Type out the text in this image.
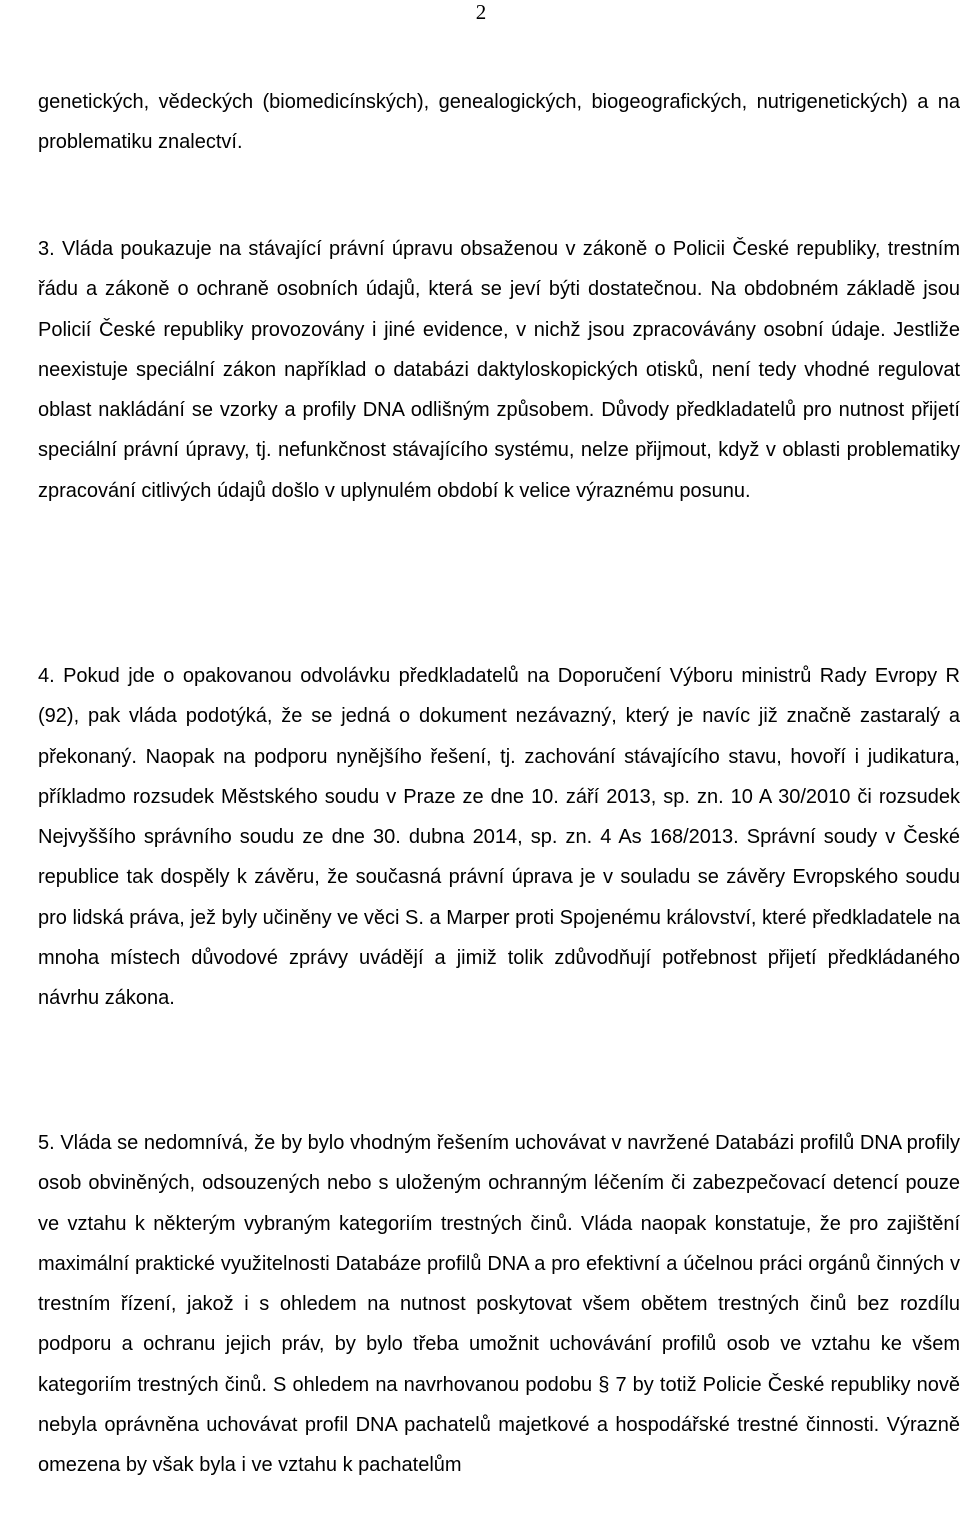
2

genetických, vědeckých (biomedicínských), genealogických, biogeografických, nutrigenetických) a na problematiku znalectví.

3. Vláda poukazuje na stávající právní úpravu obsaženou v zákoně o Policii České republiky, trestním řádu a zákoně o ochraně osobních údajů, která se jeví býti dostatečnou. Na obdobném základě jsou Policií České republiky provozovány i jiné evidence, v nichž jsou zpracovávány osobní údaje. Jestliže neexistuje speciální zákon například o databázi daktyloskopických otisků, není tedy vhodné regulovat oblast nakládání se vzorky a profily DNA odlišným způsobem. Důvody předkladatelů pro nutnost přijetí speciální právní úpravy, tj. nefunkčnost stávajícího systému, nelze přijmout, když v oblasti problematiky zpracování citlivých údajů došlo v uplynulém období k velice výraznému posunu.

4. Pokud jde o opakovanou odvolávku předkladatelů na Doporučení Výboru ministrů Rady Evropy R (92), pak vláda podotýká, že se jedná o dokument nezávazný, který je navíc již značně zastaralý a překonaný. Naopak na podporu nynějšího řešení, tj. zachování stávajícího stavu, hovoří i judikatura, příkladmo rozsudek Městského soudu v Praze ze dne 10. září 2013, sp. zn. 10 A 30/2010 či rozsudek Nejvyššího správního soudu ze dne 30. dubna 2014, sp. zn. 4 As 168/2013. Správní soudy v České republice tak dospěly k závěru, že současná právní úprava je v souladu se závěry Evropského soudu pro lidská práva, jež byly učiněny ve věci S. a Marper proti Spojenému království, které předkladatele na mnoha místech důvodové zprávy uvádějí a jimiž tolik zdůvodňují potřebnost přijetí předkládaného návrhu zákona.

5. Vláda se nedomnívá, že by bylo vhodným řešením uchovávat v navržené Databázi profilů DNA profily osob obviněných, odsouzených nebo s uloženým ochranným léčením či zabezpečovací detencí pouze ve vztahu k některým vybraným kategoriím trestných činů. Vláda naopak konstatuje, že pro zajištění maximální praktické využitelnosti Databáze profilů DNA a pro efektivní a účelnou práci orgánů činných v trestním řízení, jakož i s ohledem na nutnost poskytovat všem obětem trestných činů bez rozdílu podporu a ochranu jejich práv, by bylo třeba umožnit uchovávání profilů osob ve vztahu ke všem kategoriím trestných činů. S ohledem na navrhovanou podobu § 7 by totiž Policie České republiky nově nebyla oprávněna uchovávat profil DNA pachatelů majetkové a hospodářské trestné činnosti. Výrazně omezena by však byla i ve vztahu k pachatelům
